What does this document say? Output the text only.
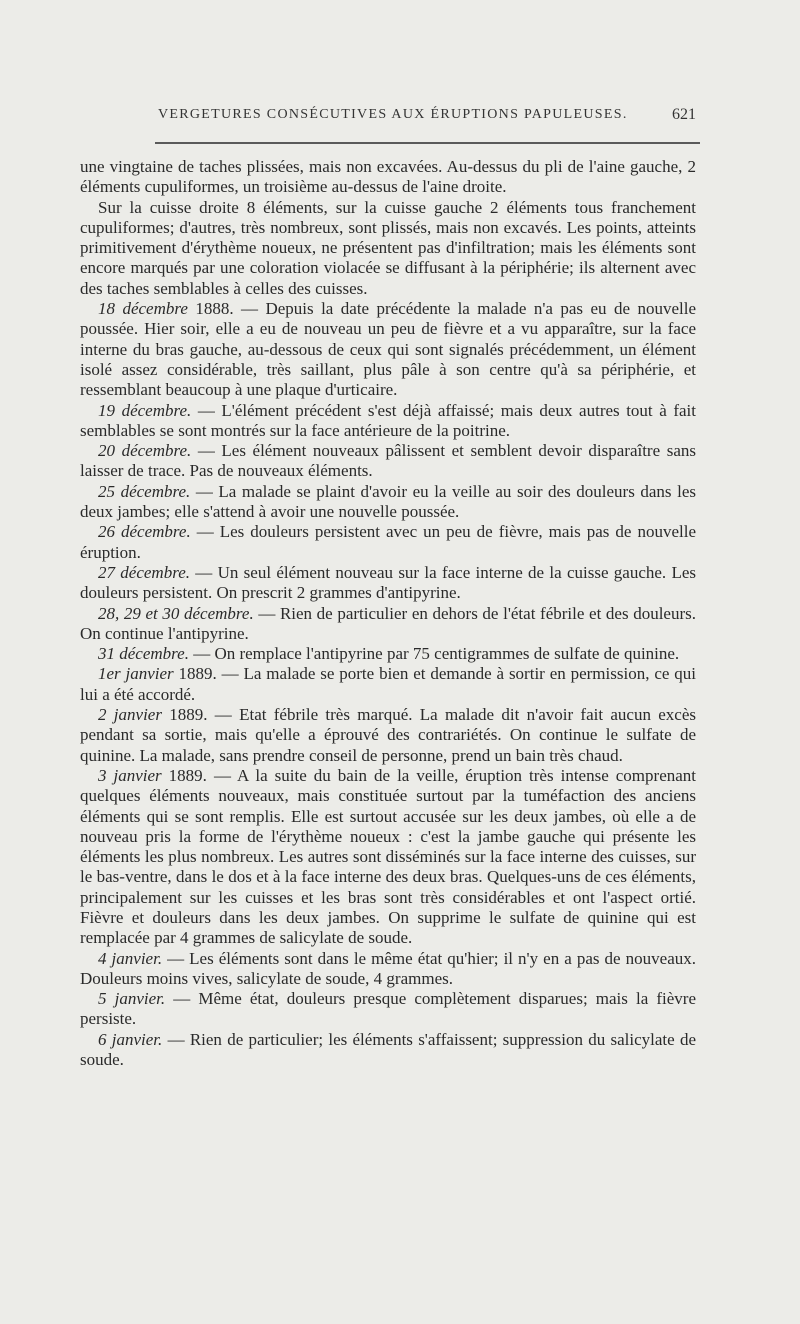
VERGETURES CONSÉCUTIVES AUX ÉRUPTIONS PAPULEUSES.	621

une vingtaine de taches plissées, mais non excavées. Au-dessus du pli de l'aine gauche, 2 éléments cupuliformes, un troisième au-dessus de l'aine droite.

Sur la cuisse droite 8 éléments, sur la cuisse gauche 2 éléments tous franchement cupuliformes; d'autres, très nombreux, sont plissés, mais non excavés. Les points, atteints primitivement d'érythème noueux, ne présentent pas d'infiltration; mais les éléments sont encore marqués par une coloration violacée se diffusant à la périphérie; ils alternent avec des taches semblables à celles des cuisses.

18 décembre 1888. — Depuis la date précédente la malade n'a pas eu de nouvelle poussée. Hier soir, elle a eu de nouveau un peu de fièvre et a vu apparaître, sur la face interne du bras gauche, au-dessous de ceux qui sont signalés précédemment, un élément isolé assez considérable, très saillant, plus pâle à son centre qu'à sa périphérie, et ressemblant beaucoup à une plaque d'urticaire.

19 décembre. — L'élément précédent s'est déjà affaissé; mais deux autres tout à fait semblables se sont montrés sur la face antérieure de la poitrine.

20 décembre. — Les élément nouveaux pâlissent et semblent devoir disparaître sans laisser de trace. Pas de nouveaux éléments.

25 décembre. — La malade se plaint d'avoir eu la veille au soir des douleurs dans les deux jambes; elle s'attend à avoir une nouvelle poussée.

26 décembre. — Les douleurs persistent avec un peu de fièvre, mais pas de nouvelle éruption.

27 décembre. — Un seul élément nouveau sur la face interne de la cuisse gauche. Les douleurs persistent. On prescrit 2 grammes d'antipyrine.

28, 29 et 30 décembre. — Rien de particulier en dehors de l'état fébrile et des douleurs. On continue l'antipyrine.

31 décembre. — On remplace l'antipyrine par 75 centigrammes de sulfate de quinine.

1er janvier 1889. — La malade se porte bien et demande à sortir en permission, ce qui lui a été accordé.

2 janvier 1889. — Etat fébrile très marqué. La malade dit n'avoir fait aucun excès pendant sa sortie, mais qu'elle a éprouvé des contrariétés. On continue le sulfate de quinine. La malade, sans prendre conseil de personne, prend un bain très chaud.

3 janvier 1889. — A la suite du bain de la veille, éruption très intense comprenant quelques éléments nouveaux, mais constituée surtout par la tuméfaction des anciens éléments qui se sont remplis. Elle est surtout accusée sur les deux jambes, où elle a de nouveau pris la forme de l'érythème noueux : c'est la jambe gauche qui présente les éléments les plus nombreux. Les autres sont disséminés sur la face interne des cuisses, sur le bas-ventre, dans le dos et à la face interne des deux bras. Quelques-uns de ces éléments, principalement sur les cuisses et les bras sont très considérables et ont l'aspect ortié. Fièvre et douleurs dans les deux jambes. On supprime le sulfate de quinine qui est remplacée par 4 grammes de salicylate de soude.

4 janvier. — Les éléments sont dans le même état qu'hier; il n'y en a pas de nouveaux. Douleurs moins vives, salicylate de soude, 4 grammes.

5 janvier. — Même état, douleurs presque complètement disparues; mais la fièvre persiste.

6 janvier. — Rien de particulier; les éléments s'affaissent; suppression du salicylate de soude.
